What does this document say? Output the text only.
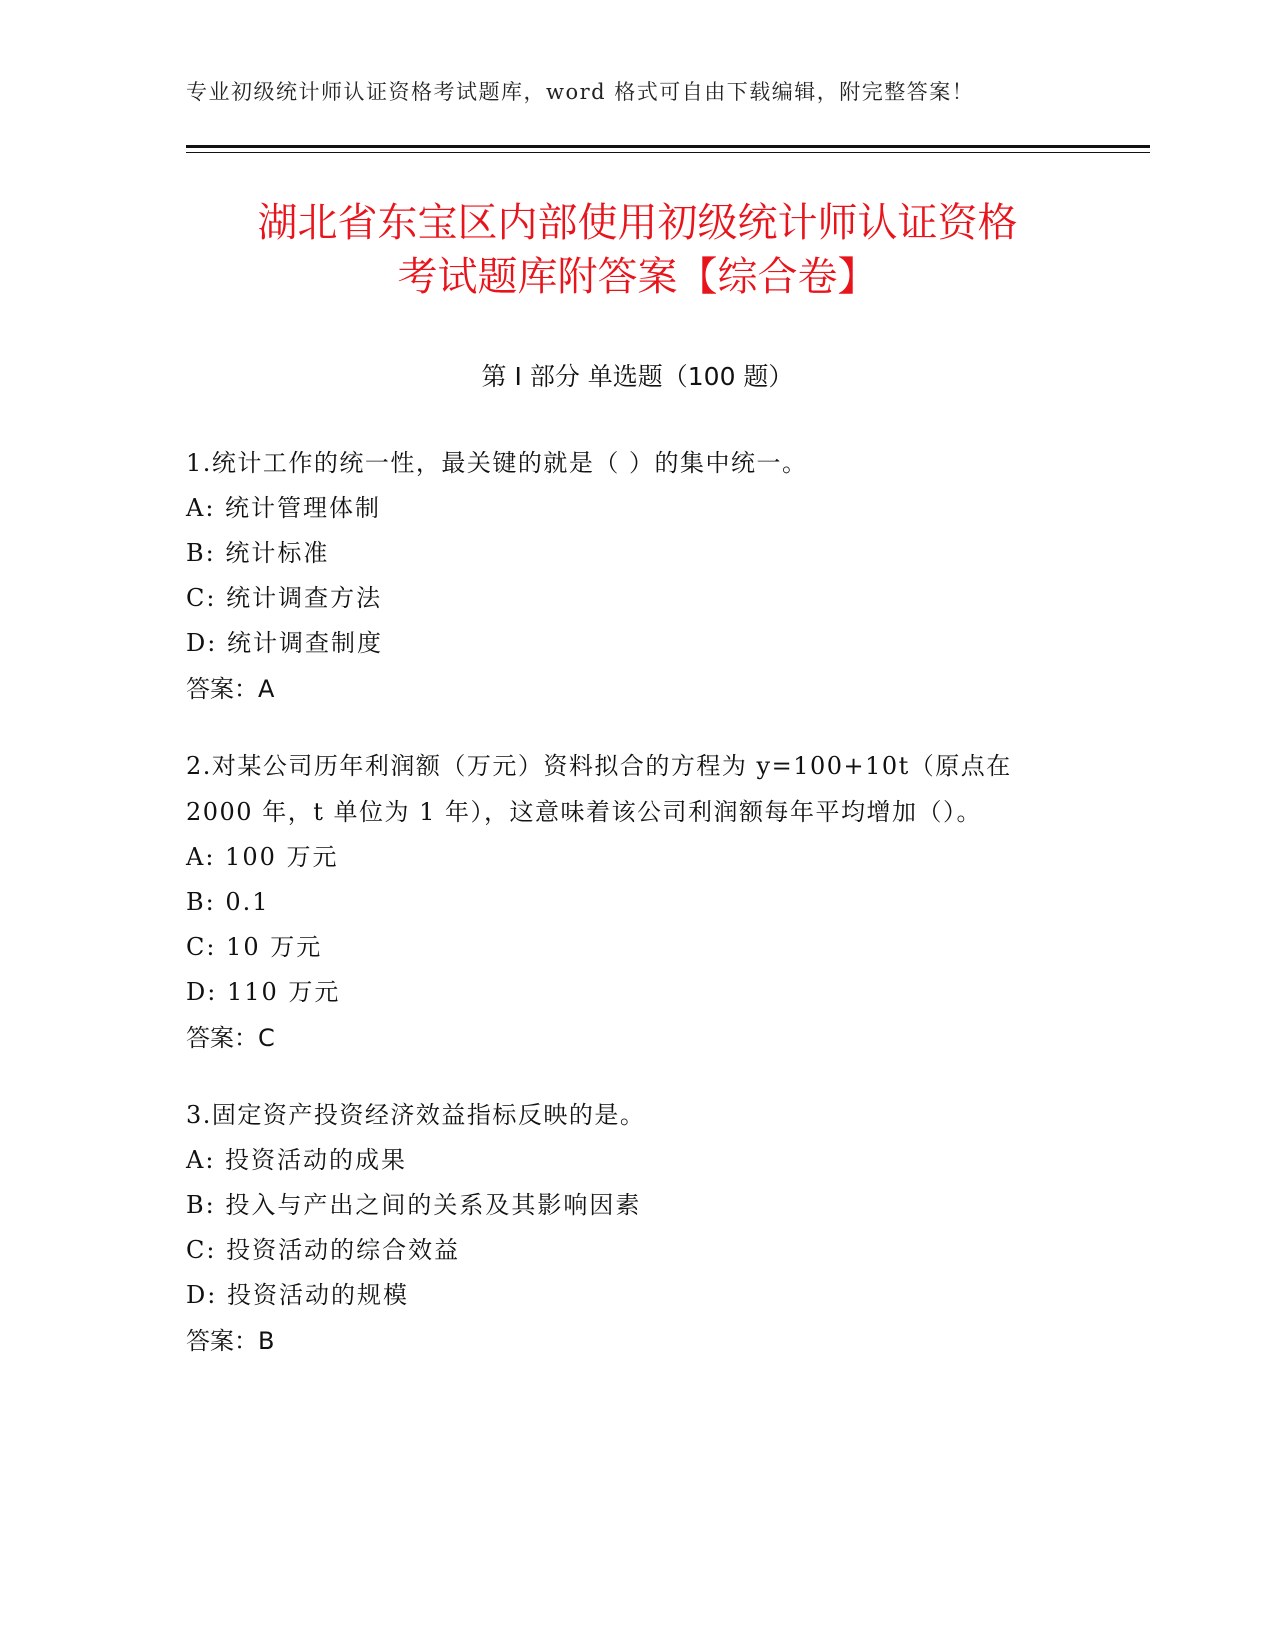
专业初级统计师认证资格考试题库，word 格式可自由下载编辑，附完整答案！
湖北省东宝区内部使用初级统计师认证资格
考试题库附答案【综合卷】
第 I 部分 单选题（100 题）

1.统计工作的统一性，最关键的就是（ ）的集中统一。

A: 统计管理体制

B: 统计标准

C: 统计调查方法

D: 统计调查制度

答案：A

2.对某公司历年利润额（万元）资料拟合的方程为 y=100+10t（原点在 2000 年，t 单位为 1 年），这意味着该公司利润额每年平均增加（）。

A: 100 万元

B: 0.1

C: 10 万元

D: 110 万元

答案：C

3.固定资产投资经济效益指标反映的是。

A: 投资活动的成果

B: 投入与产出之间的关系及其影响因素

C: 投资活动的综合效益

D: 投资活动的规模

答案：B
